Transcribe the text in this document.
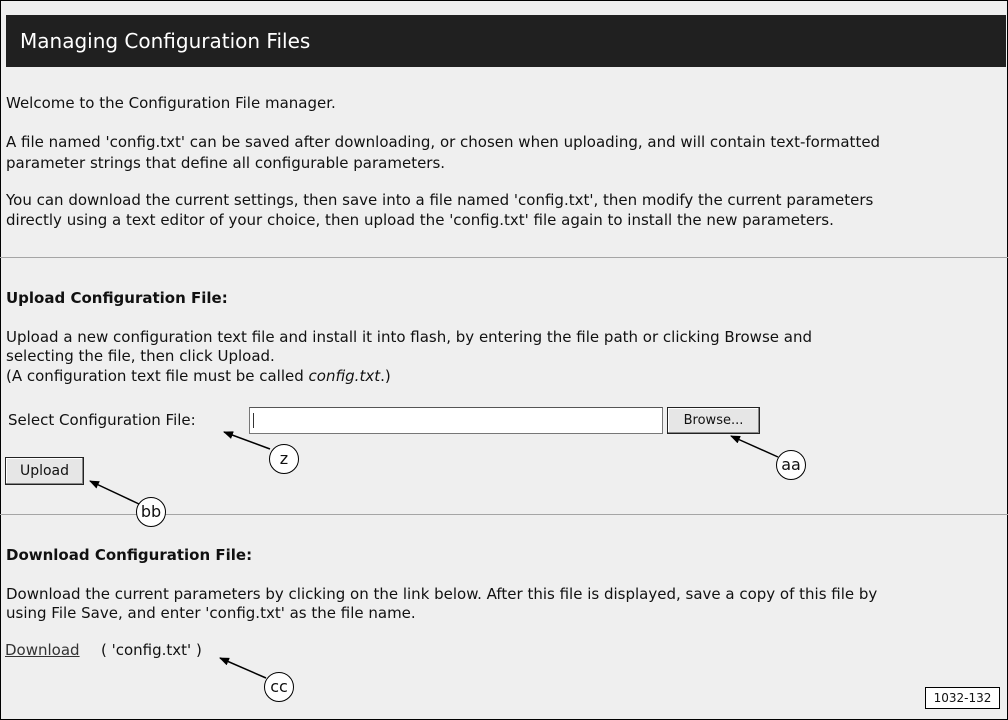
Managing Configuration Files

Welcome to the Configuration File manager.

A file named 'config.txt' can be saved after downloading, or chosen when uploading, and will contain text-formatted

parameter strings that define all configurable parameters.

You can download the current settings, then save into a file named 'config.txt', then modify the current parameters

directly using a text editor of your choice, then upload the 'config.txt' file again to install the new parameters.

Upload Configuration File:

Upload a new configuration text file and install it into flash, by entering the file path or clicking Browse and

selecting the file, then click Upload.

(A configuration text file must be called config.txt.)

Select Configuration File:	Browse...
Upload
Download Configuration File:

Download the current parameters by clicking on the link below. After this file is displayed, save a copy of this file by

using File Save, and enter 'config.txt' as the file name.

Download ( 'config.txt' )
z	aa
bb
cc
1032-132
